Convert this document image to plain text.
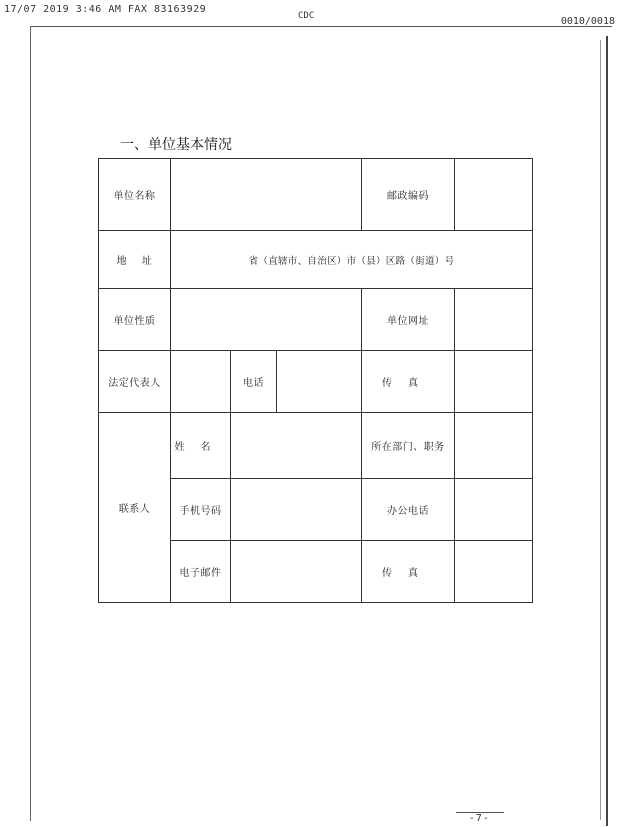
17/07 2019 3:46 AM FAX 83163929
CDC	0010/0018
一、单位基本情况
单位名称				邮政编码	
地    址	省（直辖市、自治区）市（县）区路（街道）号				
单位性质				单位网址	
法定代表人		电话		传真	
联系人	姓名			所在部门、职务	
	手机号码			办公电话	
	电子邮件			传真	
-7-
